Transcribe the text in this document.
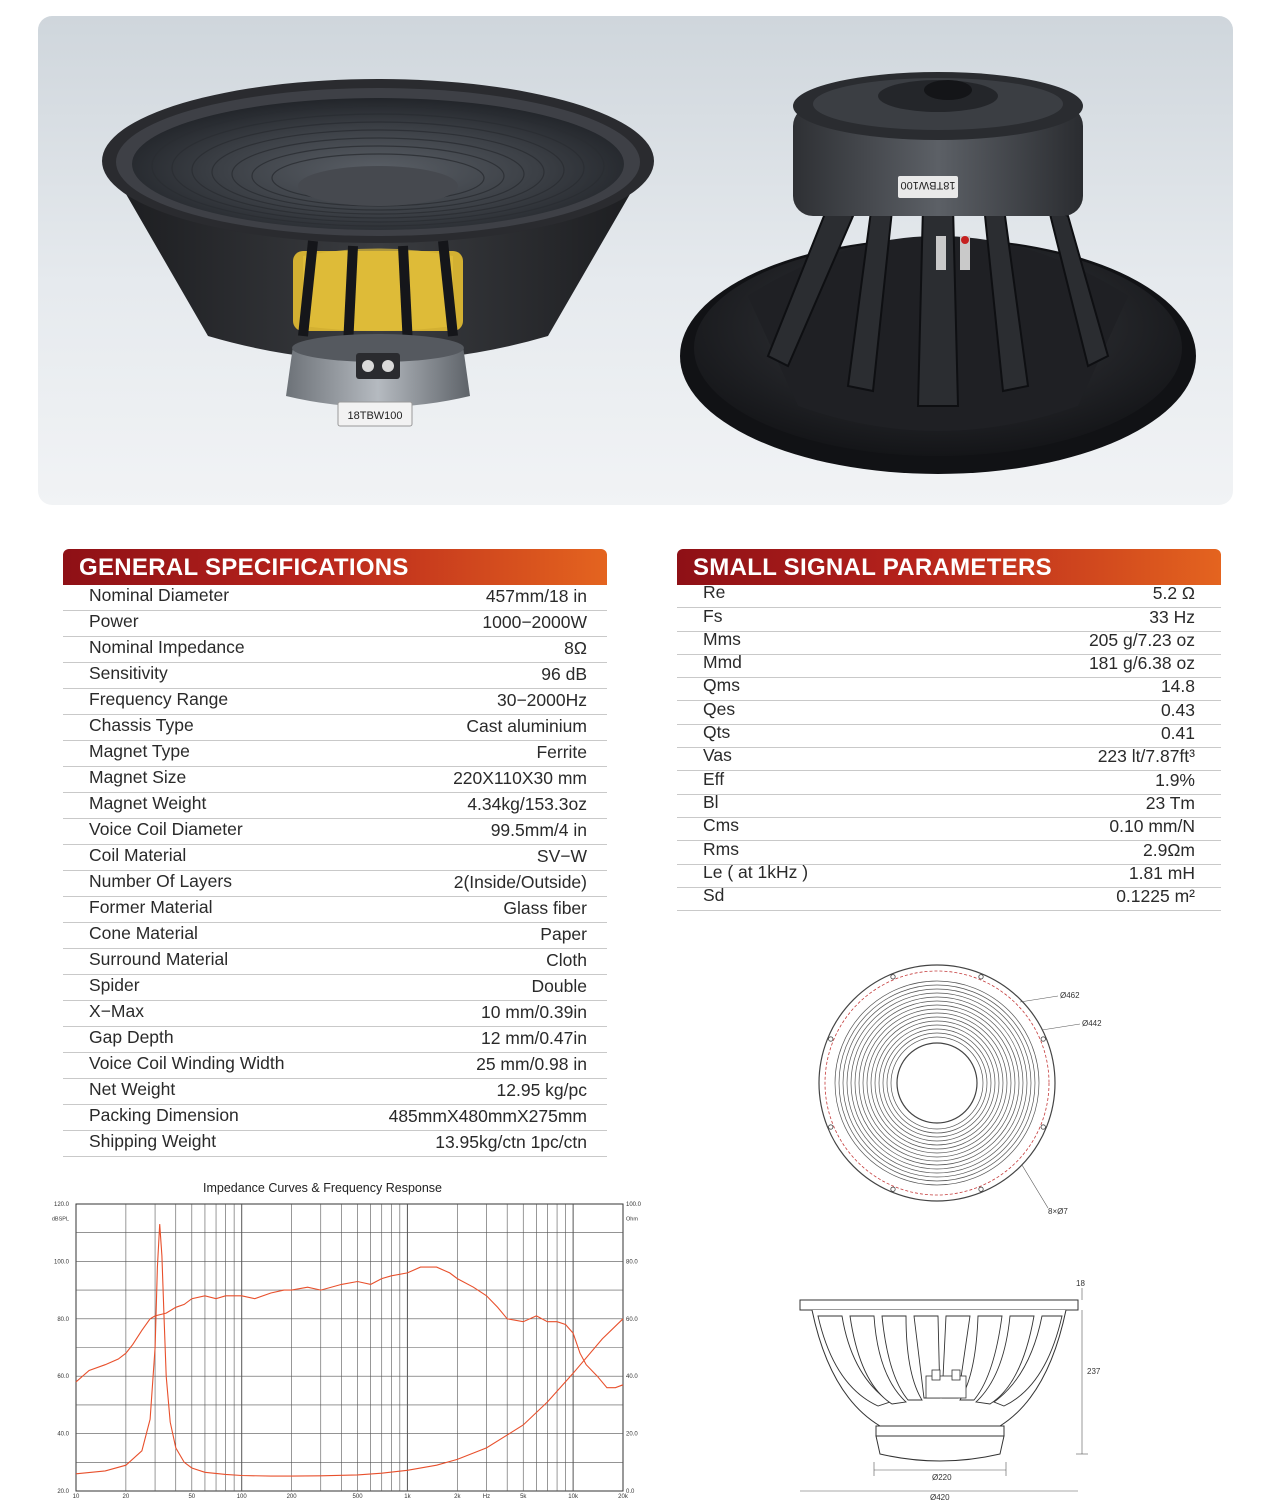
18TBW100
18TBW100
GENERAL SPECIFICATIONS
Nominal Diameter	457mm/18 in
Power	1000−2000W
Nominal Impedance	8Ω
Sensitivity	96 dB
Frequency Range	30−2000Hz
Chassis Type	Cast aluminium
Magnet Type	Ferrite
Magnet Size	220X110X30 mm
Magnet Weight	4.34kg/153.3oz
Voice Coil Diameter	99.5mm/4 in
Coil Material	SV−W
Number Of Layers	2(Inside/Outside)
Former Material	Glass fiber
Cone Material	Paper
Surround Material	Cloth
Spider	Double
X−Max	10 mm/0.39in
Gap Depth	12 mm/0.47in
Voice Coil Winding Width	25 mm/0.98 in
Net Weight	12.95 kg/pc
Packing Dimension	485mmX480mmX275mm
Shipping Weight	13.95kg/ctn 1pc/ctn
SMALL SIGNAL PARAMETERS
Re	5.2 Ω
Fs	33 Hz
Mms	205 g/7.23 oz
Mmd	181 g/6.38 oz
Qms	14.8
Qes	0.43
Qts	0.41
Vas	223 lt/7.87ft³
Eff	1.9%
Bl	23 Tm
Cms	0.10 mm/N
Rms	2.9Ωm
Le ( at 1kHz )	1.81 mH
Sd	0.1225 m²
Ø462
Ø442
8×Ø7
18
237
Ø220
Ø420
Impedance Curves & Frequency Response
20.0
40.0
60.0
80.0
100.0
120.0
dBSPL
0.0
20.0
40.0
60.0
80.0
100.0
Ohm
10	20	50	100	200	500	1k	2k	Hz	5k	10k	20k
